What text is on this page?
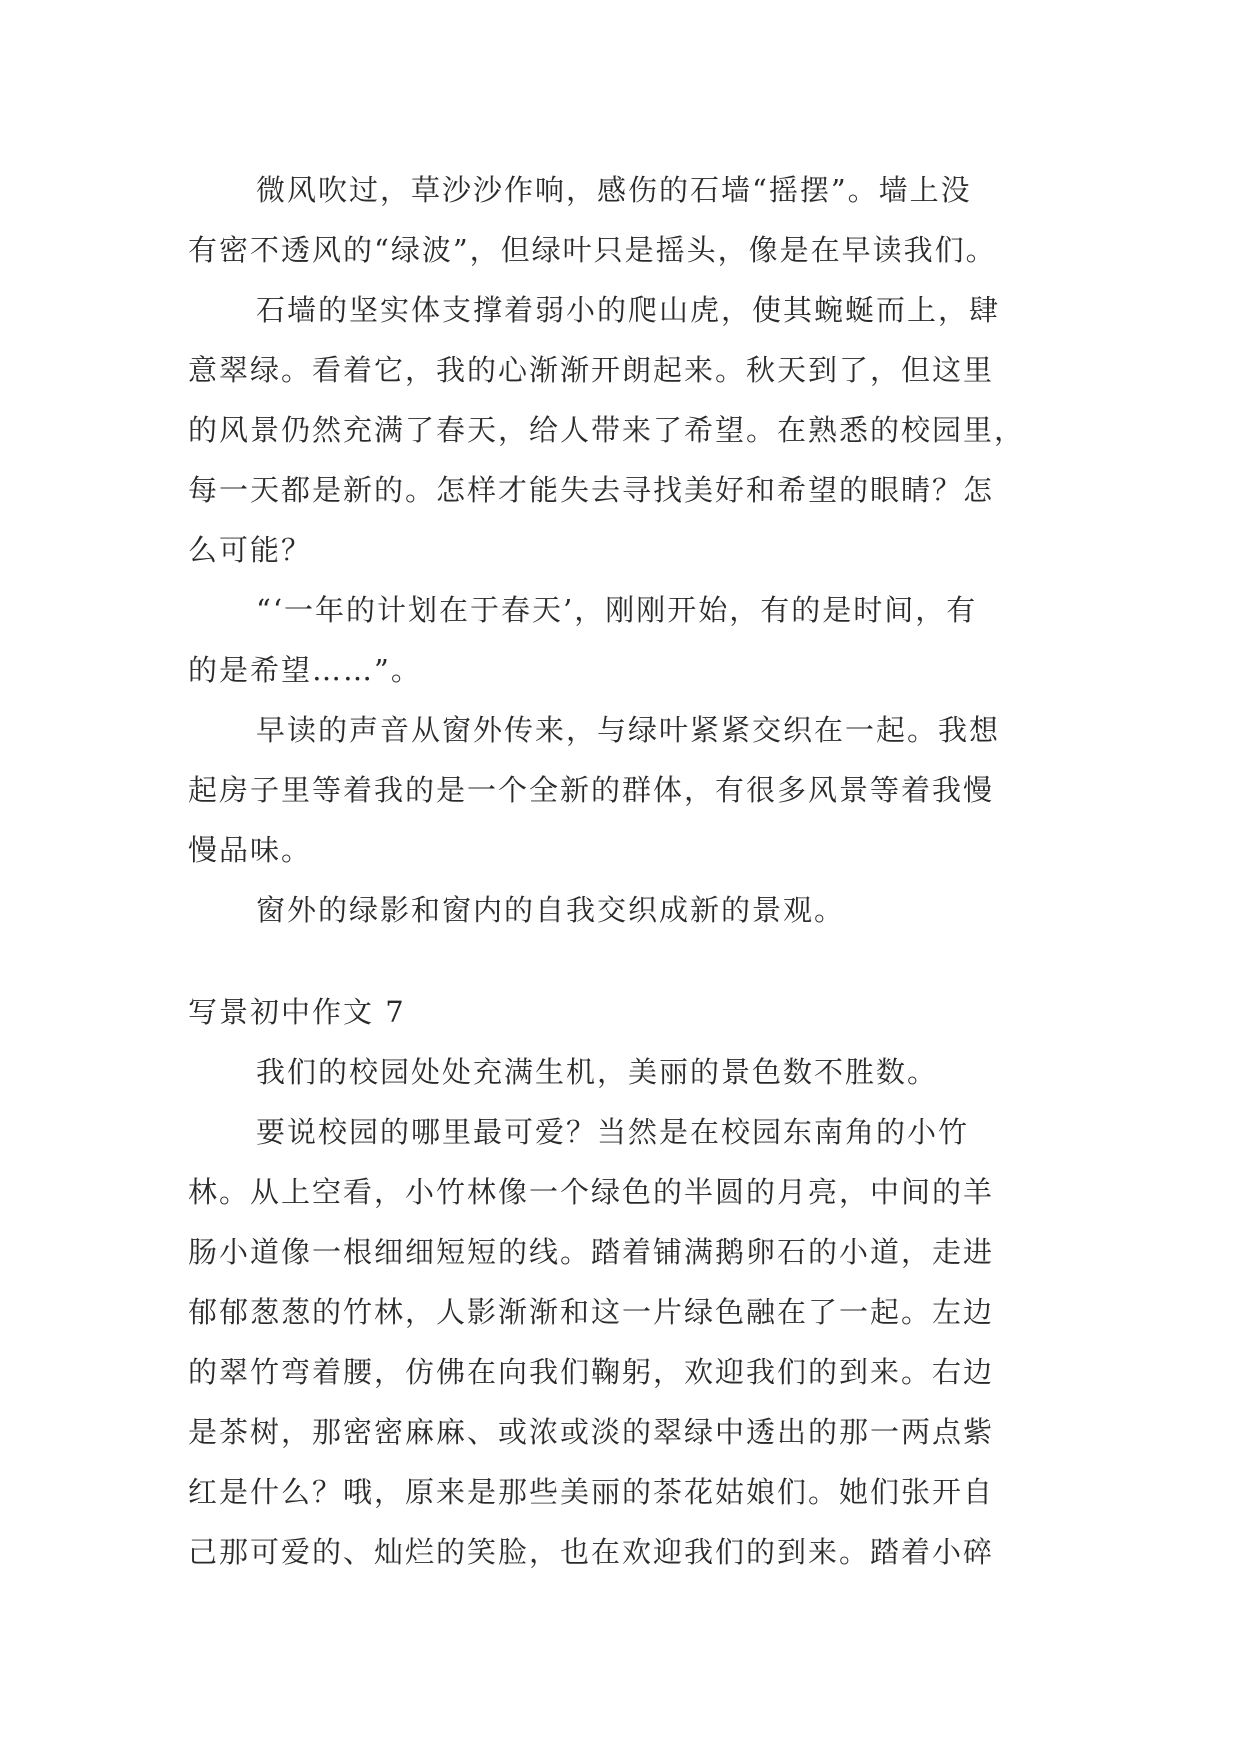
微风吹过，草沙沙作响，感伤的石墙“摇摆”。墙上没
有密不透风的“绿波”，但绿叶只是摇头，像是在早读我们。
石墙的坚实体支撑着弱小的爬山虎，使其蜿蜒而上，肆
意翠绿。看着它，我的心渐渐开朗起来。秋天到了，但这里
的风景仍然充满了春天，给人带来了希望。在熟悉的校园里，
每一天都是新的。怎样才能失去寻找美好和希望的眼睛？怎
么可能？
“‘一年的计划在于春天’，刚刚开始，有的是时间，有
的是希望……”。
早读的声音从窗外传来，与绿叶紧紧交织在一起。我想
起房子里等着我的是一个全新的群体，有很多风景等着我慢
慢品味。
窗外的绿影和窗内的自我交织成新的景观。
写景初中作文 7
我们的校园处处充满生机，美丽的景色数不胜数。
要说校园的哪里最可爱？当然是在校园东南角的小竹
林。从上空看，小竹林像一个绿色的半圆的月亮，中间的羊
肠小道像一根细细短短的线。踏着铺满鹅卵石的小道，走进
郁郁葱葱的竹林，人影渐渐和这一片绿色融在了一起。左边
的翠竹弯着腰，仿佛在向我们鞠躬，欢迎我们的到来。右边
是茶树，那密密麻麻、或浓或淡的翠绿中透出的那一两点紫
红是什么？哦，原来是那些美丽的茶花姑娘们。她们张开自
己那可爱的、灿烂的笑脸，也在欢迎我们的到来。踏着小碎
